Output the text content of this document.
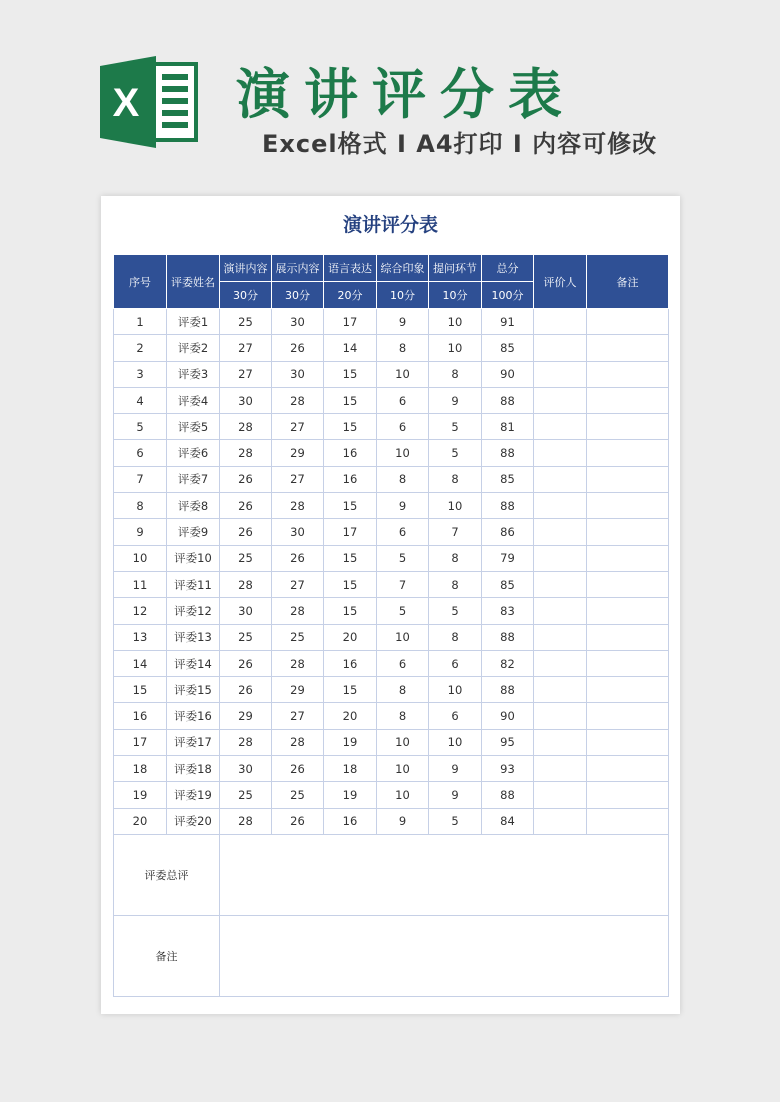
X 演讲评分表
Excel格式 I A4打印 I 内容可修改
演讲评分表
序号	评委姓名	演讲内容	展示内容	语言表达	综合印象	提问环节	总分	评价人	备注
		30分	30分	20分	10分	10分	100分		
1	评委1	25	30	17	9	10	91		
2	评委2	27	26	14	8	10	85		
3	评委3	27	30	15	10	8	90		
4	评委4	30	28	15	6	9	88		
5	评委5	28	27	15	6	5	81		
6	评委6	28	29	16	10	5	88		
7	评委7	26	27	16	8	8	85		
8	评委8	26	28	15	9	10	88		
9	评委9	26	30	17	6	7	86		
10	评委10	25	26	15	5	8	79		
11	评委11	28	27	15	7	8	85		
12	评委12	30	28	15	5	5	83		
13	评委13	25	25	20	10	8	88		
14	评委14	26	28	16	6	6	82		
15	评委15	26	29	15	8	10	88		
16	评委16	29	27	20	8	6	90		
17	评委17	28	28	19	10	10	95		
18	评委18	30	26	18	10	9	93		
19	评委19	25	25	19	10	9	88		
20	评委20	28	26	16	9	5	84		
评委总评									
备注									
